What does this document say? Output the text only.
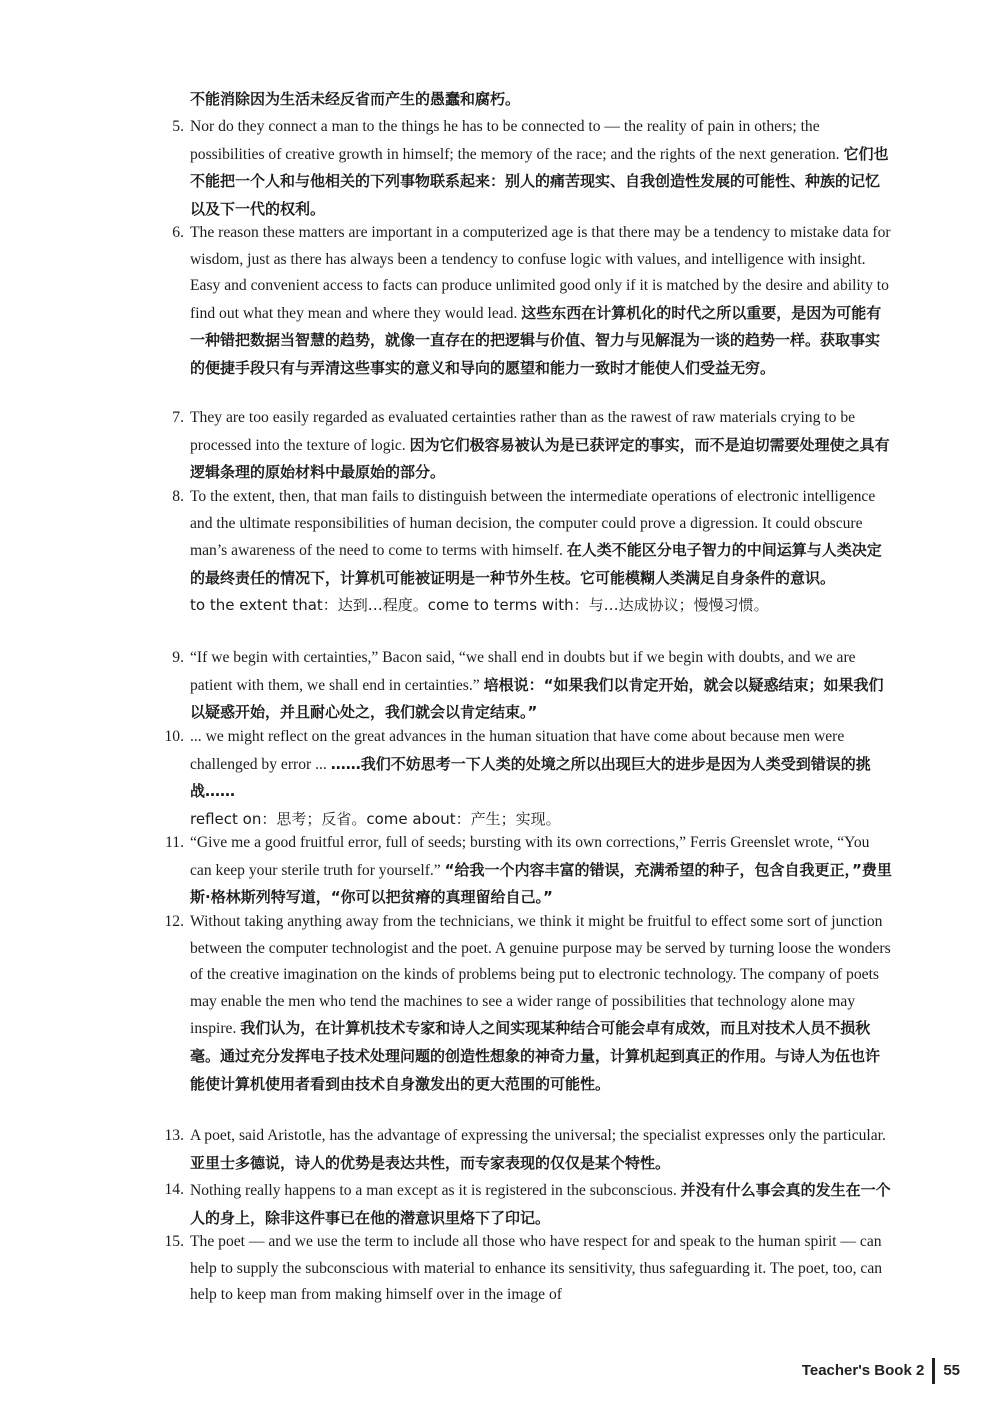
不能消除因为生活未经反省而产生的愚蠢和腐朽。
5. Nor do they connect a man to the things he has to be connected to — the reality of pain in others; the possibilities of creative growth in himself; the memory of the race; and the rights of the next generation. 它们也不能把一个人和与他相关的下列事物联系起来：别人的痛苦现实、自我创造性发展的可能性、种族的记忆以及下一代的权利。
6. The reason these matters are important in a computerized age is that there may be a tendency to mistake data for wisdom, just as there has always been a tendency to confuse logic with values, and intelligence with insight. Easy and convenient access to facts can produce unlimited good only if it is matched by the desire and ability to find out what they mean and where they would lead. 这些东西在计算机化的时代之所以重要，是因为可能有一种错把数据当智慧的趋势，就像一直存在的把逻辑与价值、智力与见解混为一谈的趋势一样。获取事实的便捷手段只有与弄清这些事实的意义和导向的愿望和能力一致时才能使人们受益无穷。
7. They are too easily regarded as evaluated certainties rather than as the rawest of raw materials crying to be processed into the texture of logic. 因为它们极容易被认为是已获评定的事实，而不是迫切需要处理使之具有逻辑条理的原始材料中最原始的部分。
8. To the extent, then, that man fails to distinguish between the intermediate operations of electronic intelligence and the ultimate responsibilities of human decision, the computer could prove a digression. It could obscure man’s awareness of the need to come to terms with himself. 在人类不能区分电子智力的中间运算与人类决定的最终责任的情况下，计算机可能被证明是一种节外生枝。它可能模糊人类满足自身条件的意识。
to the extent that：达到…程度。come to terms with：与…达成协议；慢慢习惯。
9. “If we begin with certainties,” Bacon said, “we shall end in doubts but if we begin with doubts, and we are patient with them, we shall end in certainties.” 培根说：“如果我们以肯定开始，就会以疑惑结束；如果我们以疑惑开始，并且耐心处之，我们就会以肯定结束。”
10. ... we might reflect on the great advances in the human situation that have come about because men were challenged by error ... ……我们不妨思考一下人类的处境之所以出现巨大的进步是因为人类受到错误的挑战……
reflect on：思考；反省。come about：产生；实现。
11. “Give me a good fruitful error, full of seeds; bursting with its own corrections,” Ferris Greenslet wrote, “You can keep your sterile truth for yourself.” “给我一个内容丰富的错误，充满希望的种子，包含自我更正，”费里斯·格林斯列特写道，“你可以把贫瘠的真理留给自己。”
12. Without taking anything away from the technicians, we think it might be fruitful to effect some sort of junction between the computer technologist and the poet. A genuine purpose may be served by turning loose the wonders of the creative imagination on the kinds of problems being put to electronic technology. The company of poets may enable the men who tend the machines to see a wider range of possibilities that technology alone may inspire. 我们认为，在计算机技术专家和诗人之间实现某种结合可能会卓有成效，而且对技术人员不损秋毫。通过充分发挥电子技术处理问题的创造性想象的神奇力量，计算机起到真正的作用。与诗人为伍也许能使计算机使用者看到由技术自身激发出的更大范围的可能性。
13. A poet, said Aristotle, has the advantage of expressing the universal; the specialist expresses only the particular. 亚里士多德说，诗人的优势是表达共性，而专家表现的仅仅是某个特性。
14. Nothing really happens to a man except as it is registered in the subconscious. 并没有什么事会真的发生在一个人的身上，除非这件事已在他的潜意识里烙下了印记。
15. The poet — and we use the term to include all those who have respect for and speak to the human spirit — can help to supply the subconscious with material to enhance its sensitivity, thus safeguarding it. The poet, too, can help to keep man from making himself over in the image of
Teacher's Book 2 55
